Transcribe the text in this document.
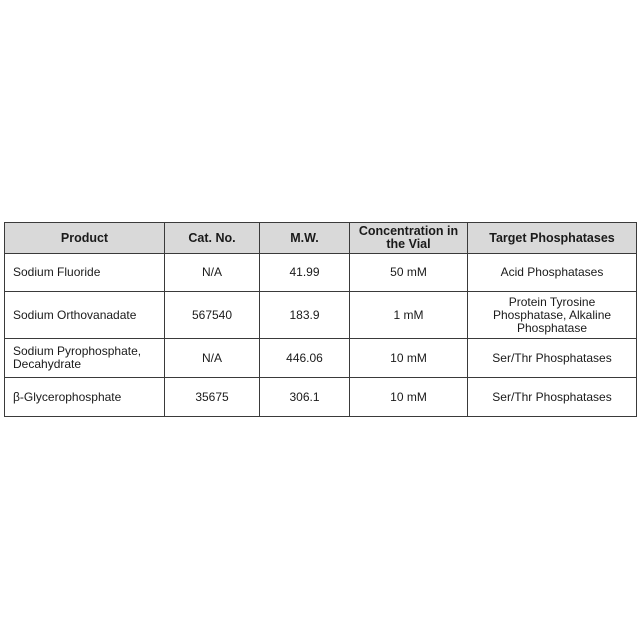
Product	Cat. No.	M.W.	Concentration in the Vial	Target Phosphatases
Sodium Fluoride	N/A	41.99	50 mM	Acid Phosphatases
Sodium Orthovanadate	567540	183.9	1 mM	Protein Tyrosine Phosphatase, Alkaline Phosphatase
Sodium Pyrophosphate, Decahydrate	N/A	446.06	10 mM	Ser/Thr Phosphatases
β-Glycerophosphate	35675	306.1	10 mM	Ser/Thr Phosphatases
